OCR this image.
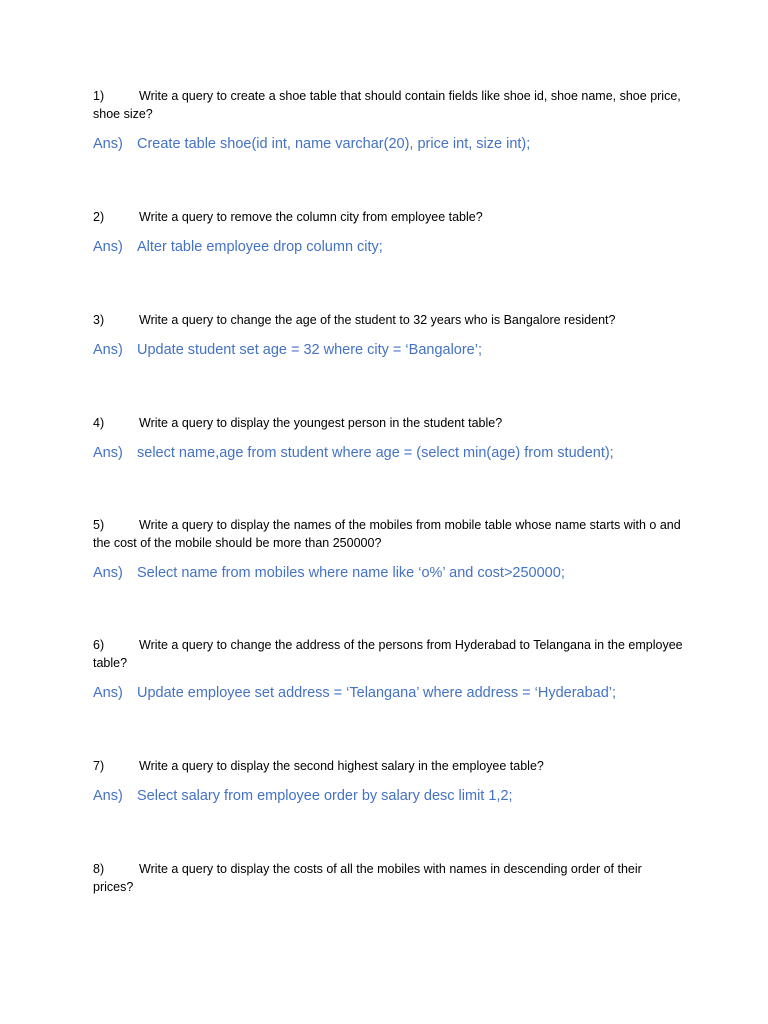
1)	Write a query to create a shoe table that should contain fields like shoe id, shoe name, shoe price, shoe size?

Ans) Create table shoe(id int, name varchar(20), price int, size int);

2)	Write a query to remove the column city from employee table?

Ans) Alter table employee drop column city;

3)	Write a query to change the age of the student to 32 years who is Bangalore resident?

Ans) Update student set age = 32 where city = ‘Bangalore’;

4)	Write a query to display the youngest person in the student table?

Ans) select name,age from student where age = (select min(age) from student);

5)	Write a query to display the names of the mobiles from mobile table whose name starts with o and the cost of the mobile should be more than 250000?

Ans) Select name from mobiles where name like ‘o%’ and cost>250000;

6)	Write a query to change the address of the persons from Hyderabad to Telangana in the employee table?

Ans) Update employee set address = ‘Telangana’ where address = ‘Hyderabad’;

7)	Write a query to display the second highest salary in the employee table?

Ans) Select salary from employee order by salary desc limit 1,2;

8)	Write a query to display the costs of all the mobiles with names in descending order of their prices?
